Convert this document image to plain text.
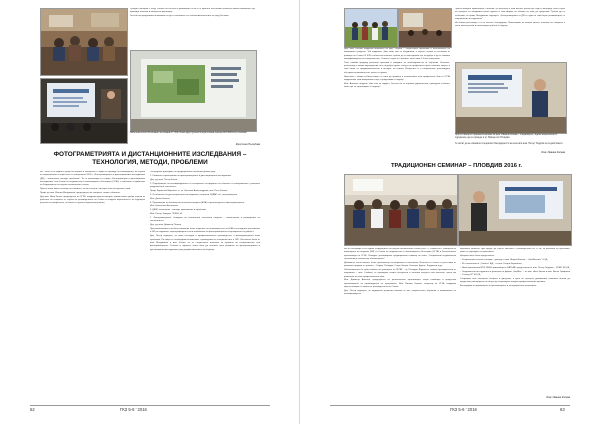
Средата завърши с обяд, сготвен на гостите и домакините от АГЧ. В приятна обстановка колегите имаха възможност да проведат полезни и интересни разговори.

Гостите ни предложиха възможността да се запознаят със забележителностите на град Хасково.

Забележително Изпосване за семана от: http://www.agtp.bg/news/посдипломна-среща-21072016-в-гр-хасково
Кристина Пълъбова
ФОТОГРАМЕТРИЯТА И ДИСТАНЦИОННИТЕ ИЗСЛЕДВАНИЯ –
ТЕХНОЛОГИЯ, МЕТОДИ, ПРОБЛЕМИ

На 7 юли 2016 година в Дома на науката и техниката в София се проведе на семинарията, по случай на националната същия като се навършвато 2016 г. „Фотограметрията и дистанционните изследвания (ДИ) – технология, методи, проблеми". То се организира от секция „Фотограметрия и дистанционни изследвания" към Съюза на геодезистите и землемерите в България (СГЗБ), с любезното съдействие на Федерацията на научно-техническите съюзи.

Присъстваха много членове на секцията, гости и колеги с интерес към обсъдените теми.

Проф. дн инж. Иванка Малджиева, председател на секцията, откри събитието.

Доц инж. Иван Калев, председател на СГЗБ, поздрави присъстващите, изказа много добри оценки за работата на секцията от страна на ръководството на Съюза и сподели вероятността за бъдещото участие на професията, на които са нужни съвременни учения.

Последваха докладите по предварително обявения дневен ред:

1. Развитие и приложение на фотограметрията и дистанционните изследвания.

Доц. д-р инж. Петър Калев

2. Подобряване на класифицирането и спесирането на формата на обектите от изображения с различна разделителна способност.

Проф. Борислав Марянов, гл. ас. Наталия Александрова, инж. Петя Колева

3. Особености на дистанционните изследвания, получени УНДАР със спектрометрия.

Инж. Диана Колева

4. Приложение на безпилотни летателни апарати (БЛА) в архитектурата и фотограметрията.

Инж. Цветелина Алексиева

5. ДЕКК технологии – методи, приложение и проблеми.

Инж. Петър Тодоров, "ЮЕБ-Ltd"

7. Фотограметрията, базирана на безпилотни летателни апарати – впечатления и разширение на технологията.

Доц. д-р инж. Димитър Петров

При разискванията особено внимание беше отделено на възможностите на БЛА и последните постижения в GIS по подаване, картографиране и възстановяване на фотограметрията и картирането на дейност.

Доц. Петър подчерта, че няма последни в професионалното производство, а фотограметрията няма проблеми. По-скоро се необходимо възпитание, справедливо за специалистите в ГИС. Изтъкнато беше от инж. Малджиева и инж. Калев, че от съществено значение за промяна на специалистите във фотограметрията. Станаха и нормите, които мога да наложат ново развитие на фотограметрията и дистанционни изследвания пред професионалното ни бъдеще.

62	ГКЗ 5-6 ' 2016

Доц. инж. Калчев подкрепи мнението на доц. Петров – съществена пробелма е неплъжането на помощните средства. Той подкрепи: „Ние сами сме се обединили, а хората, затова са по-малки от размера на Съюза. В КЗК и областни колегите трябва да са изследвани все по-добре и да се повиши квалификацията на специалистите. Съюзът е една от страните, която има 3–4-ата поколения.

Така, имайки предвид реалните практики и изводите за необходимостта от обучение. Колегите, участващи в такива мероприятия, все по-добре вдигат статуса на професията чрез сложните казуси, и тези неща са предизвикателства в интерес на всички. Въпросите и в направеното разглеждане обсъдиха възможностите, които са нужни.

Наистина с такива събития може се стига до промяна в отношението към професията. Ние от СГЗБ подкрепяме тази инициатива и ще я продължим в бъдеще.

Инж. Ангелов сподели: „Ние сме за гордост. Гостите ни са огромно удоволствие, проведоха събития, които ще се организират в бъдеще".

Присъстващите приключиха с мнение, че работата в тази насока трябва да бъде и занапред, като в края на срещата се обединиха около идеята и тази форма на обмяна на опит да продължи. Трябва да се отбележи, че проф. Малджиева подчерта: „Фотограметрията и ДИ са едни от най-бързо развиващите се направления в геодезията".

На всички участници, а и на гостите благодарим. Пожелаваме на всички колеги, членове на секцията и гости много успехи и ползотворна работа в бъдеще.

Присъстващите приканеха насаме на инж. Иванка Колева – следващата, година националното сдружение да се проведе в гр. Враца или Пловдив.
Те могат да не изказали специално благодарности на колегата инж. Петър Тодоров за съдействието.
Инж. Иванка Колева
ТРАДИЦИОНЕН СЕМИНАР – ПЛОВДИВ 2016 г.

На 30 септември 2016 година Федерацията на научно-техническите съюзи (ФНТС), съвместно с Камарата на инженерите по геодезия (КИГ) и Съюза на геодезистите и землемерите в България (СГЗБ) и Регионалната организация на СГЗБ, Пловдив, организираха традиционния семинар на тема: „Съвременни геодезически технологии и техническо обезпечаване".

Домакинът, както винаги, беше организатор гостоприемно и изпълнено. Изпълни се пълно от участници от различни градове в страната – София, Пловдив, Стара Загора, Хасково, Бургас, Кърджали и др.

Забележително бе присъствието на учениците от ПГСАГ – гр. Пловдив. Водени от своите преподаватели те направиха – инж. Стойков, те проведоха своите интересни и полезни въпроси към колегите, които им разказаха за своя професионален опит.

Инж. Димитър Ангелов, председател на регионалната организация, откри семинара и представи организацията на провеждането на програмата. Инж. Иванка Колева, секретар на СГЗБ, поздрави присъстващите от името на ръководството на Съюза.

Доц. Петър подчерта, че модерното развитие изисква от нас непрекъснато обучение и повишаване на квалификацията.

приложна колегата, при нужда, да търсят контакти с ръководството на СГЗБ, за решение на проблеми, които се пораждат на практиката.

Непрекъснато беше представено:

– Съвременни тотални станции – доклад от инж. Марио Иванов – „GeoMeasure" ООД;

– 3D технологии от „Сигатех" АД – от инж. Георги Караиотов;

– Нови приложения RTN GNSS приемници от SATLAB, представени от инж. Петър Тодоров – „ЮЕБ" ЕООД;

– Геодезически инструменти и решения на фирма „GeoMax" – от инж. Нечо Ненов и инж. Велко Трифонов – „Геокад 02" ЕООД.

Отправиха към лекторите въпроси и дискусии, в края на срещата домакините поканиха всички да продължат разговорите на обяд и да отпразнуват заедно професионалния празник.

Благодарим на домакините за организацията и за прекрасното посрещане.

Инж. Иванка Колева
ГКЗ 5-6 ' 2016	63
